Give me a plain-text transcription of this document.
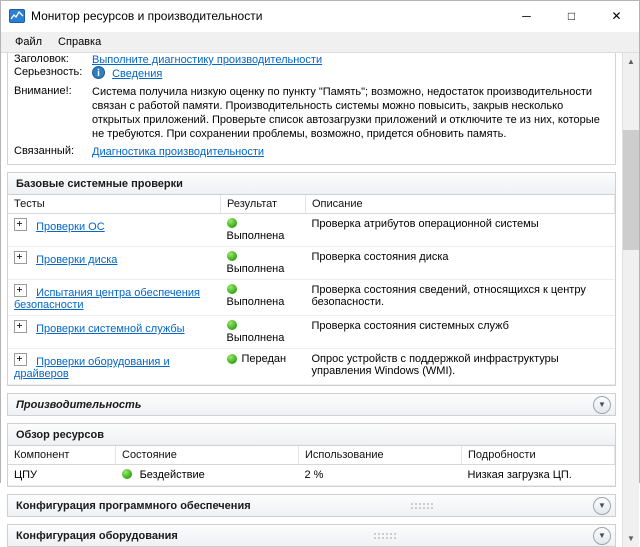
Монитор ресурсов и производительности	─	□	✕
Файл	Справка
Заголовок:	Выполните диагностику производительности
Серьезность:	Сведения
Внимание!:	Система получила низкую оценку по пункту "Память"; возможно, недостаток производительности связан с работой памяти. Производительность системы можно повысить, закрыв несколько открытых приложений. Проверьте список автозагрузки приложений и отключите те из них, которые не требуются. При сохранении проблемы, возможно, придется обновить память.
Связанный:	Диагностика производительности
Базовые системные проверки
Тесты	Результат	Описание
Проверки ОС	Выполнена	Проверка атрибутов операционной системы
Проверки диска	Выполнена	Проверка состояния диска
Испытания центра обеспечения безопасности	Выполнена	Проверка состояния сведений, относящихся к центру безопасности.
Проверки системной службы	Выполнена	Проверка состояния системных служб
Проверки оборудования и драйверов	Передан	Опрос устройств с поддержкой инфраструктуры управления Windows (WMI).
Производительность	▼
Обзор ресурсов
Компонент	Состояние	Использование	Подробности
ЦПУ	Бездействие	2 %	Низкая загрузка ЦП.
Конфигурация программного обеспечения	▼
Конфигурация оборудования	▼
▲
▼
